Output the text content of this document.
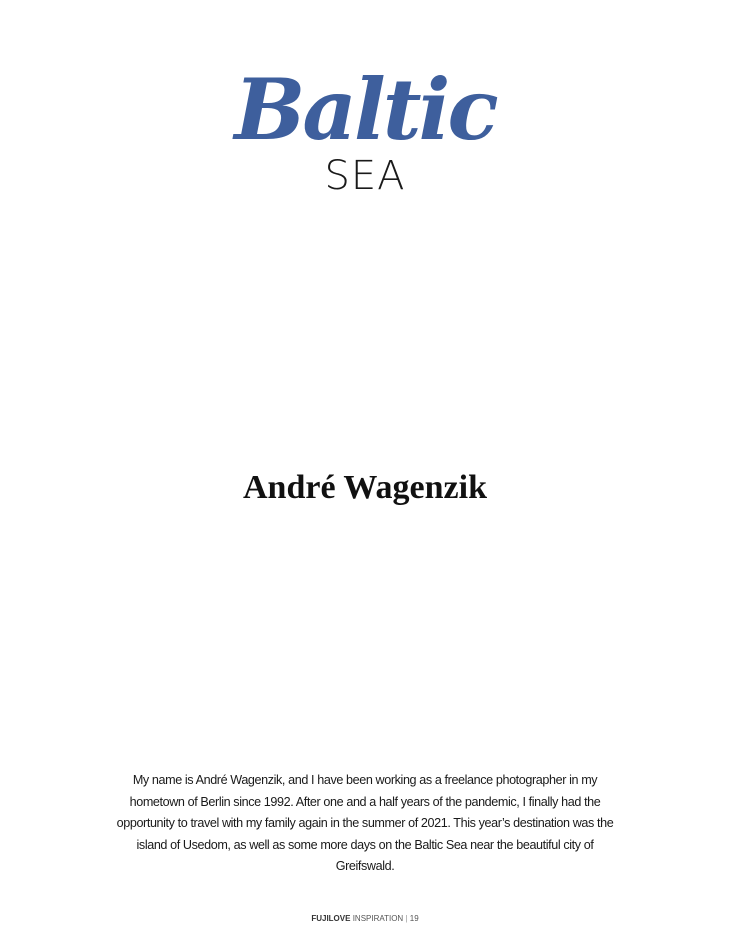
Baltic
SEA
André Wagenzik

My name is André Wagenzik, and I have been working as a freelance photographer in my hometown of Berlin since 1992. After one and a half years of the pandemic, I finally had the opportunity to travel with my family again in the summer of 2021. This year’s destination was the island of Usedom, as well as some more days on the Baltic Sea near the beautiful city of Greifswald.

FUJILOVE INSPIRATION | 19
